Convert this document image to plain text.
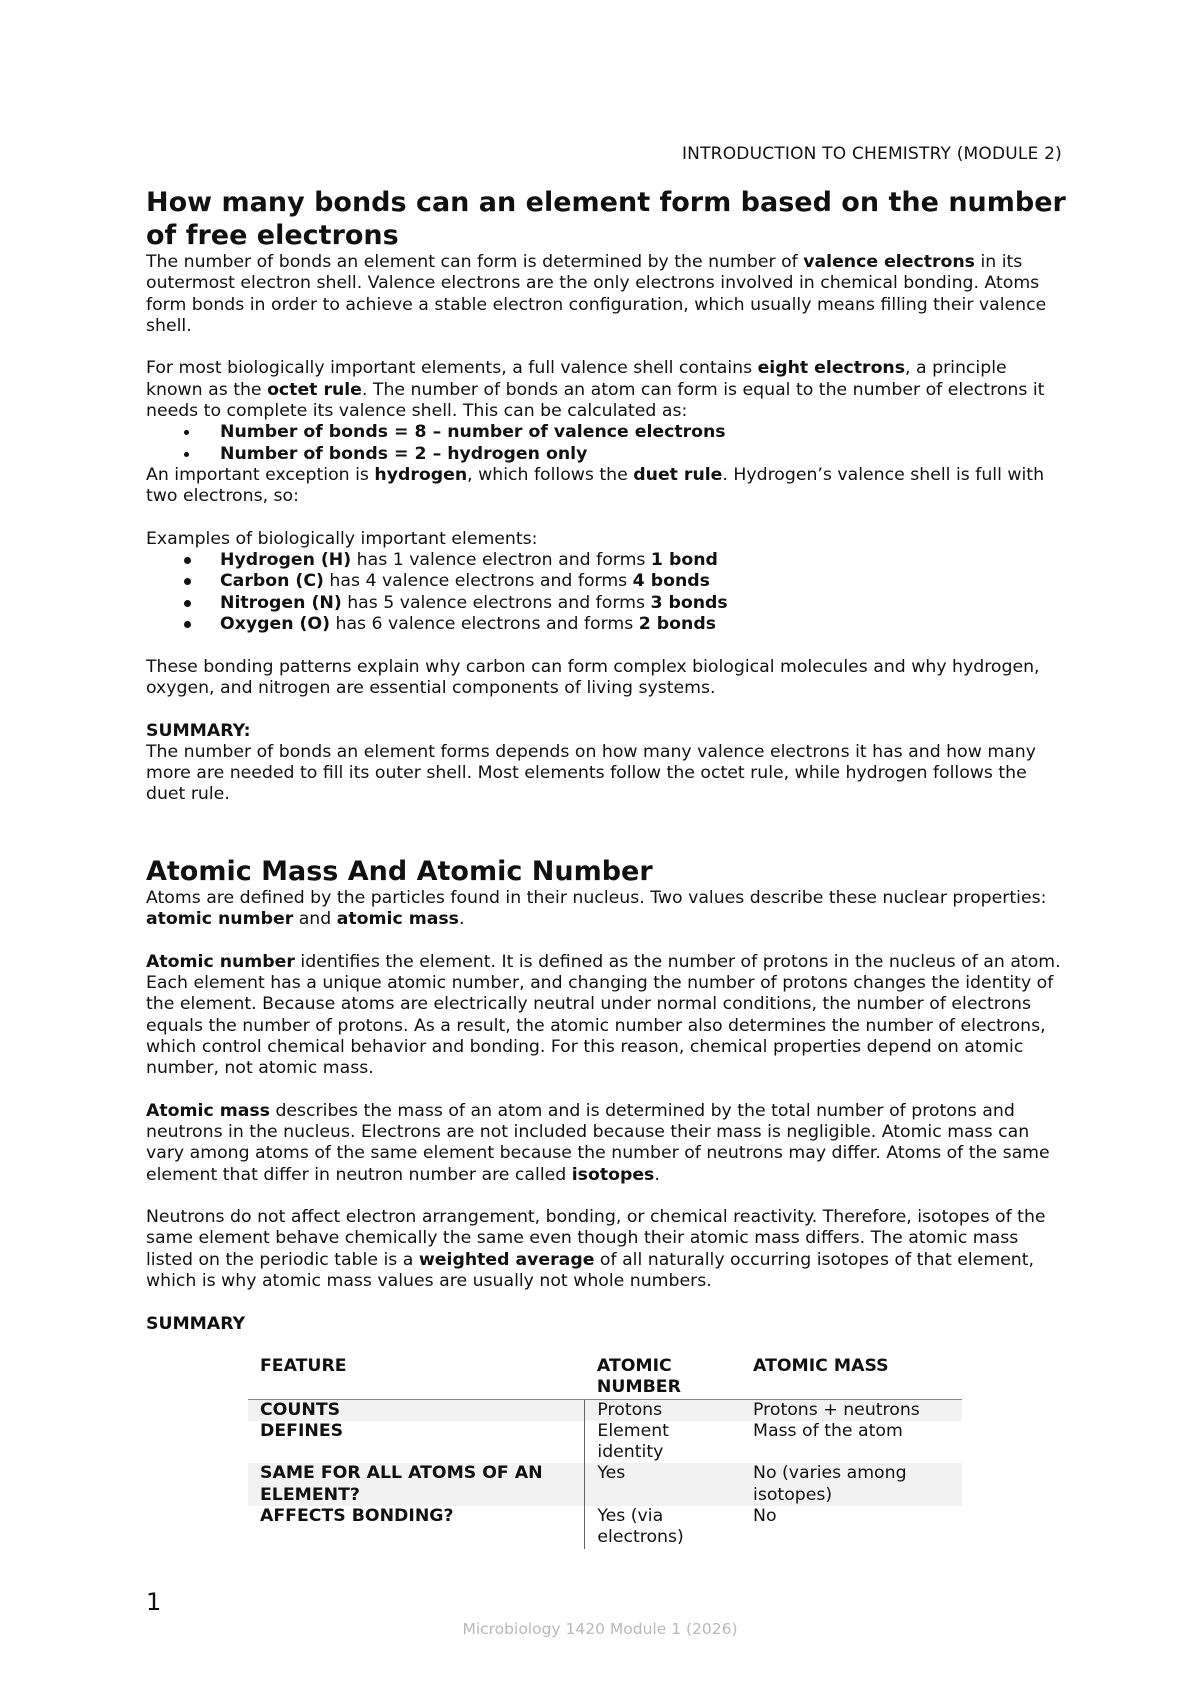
INTRODUCTION TO CHEMISTRY (MODULE 2)
How many bonds can an element form based on the number of free electrons

The number of bonds an element can form is determined by the number of valence electrons in its outermost electron shell. Valence electrons are the only electrons involved in chemical bonding. Atoms form bonds in order to achieve a stable electron configuration, which usually means filling their valence shell.

For most biologically important elements, a full valence shell contains eight electrons, a principle known as the octet rule. The number of bonds an atom can form is equal to the number of electrons it needs to complete its valence shell. This can be calculated as:

Number of bonds = 8 – number of valence electrons
Number of bonds = 2 – hydrogen only

An important exception is hydrogen, which follows the duet rule. Hydrogen’s valence shell is full with two electrons, so:

Examples of biologically important elements:

Hydrogen (H) has 1 valence electron and forms 1 bond
Carbon (C) has 4 valence electrons and forms 4 bonds
Nitrogen (N) has 5 valence electrons and forms 3 bonds
Oxygen (O) has 6 valence electrons and forms 2 bonds

These bonding patterns explain why carbon can form complex biological molecules and why hydrogen, oxygen, and nitrogen are essential components of living systems.

SUMMARY:

The number of bonds an element forms depends on how many valence electrons it has and how many more are needed to fill its outer shell. Most elements follow the octet rule, while hydrogen follows the duet rule.

Atomic Mass And Atomic Number

Atoms are defined by the particles found in their nucleus. Two values describe these nuclear properties: atomic number and atomic mass.

Atomic number identifies the element. It is defined as the number of protons in the nucleus of an atom. Each element has a unique atomic number, and changing the number of protons changes the identity of the element. Because atoms are electrically neutral under normal conditions, the number of electrons equals the number of protons. As a result, the atomic number also determines the number of electrons, which control chemical behavior and bonding. For this reason, chemical properties depend on atomic number, not atomic mass.

Atomic mass describes the mass of an atom and is determined by the total number of protons and neutrons in the nucleus. Electrons are not included because their mass is negligible. Atomic mass can vary among atoms of the same element because the number of neutrons may differ. Atoms of the same element that differ in neutron number are called isotopes.

Neutrons do not affect electron arrangement, bonding, or chemical reactivity. Therefore, isotopes of the same element behave chemically the same even though their atomic mass differs. The atomic mass listed on the periodic table is a weighted average of all naturally occurring isotopes of that element, which is why atomic mass values are usually not whole numbers.

SUMMARY

FEATURE	ATOMIC NUMBER	ATOMIC MASS
COUNTS	Protons	Protons + neutrons
DEFINES	Element identity	Mass of the atom
SAME FOR ALL ATOMS OF AN ELEMENT?	Yes	No (varies among isotopes)
AFFECTS BONDING?	Yes (via electrons)	No
1
Microbiology 1420 Module 1 (2026)
